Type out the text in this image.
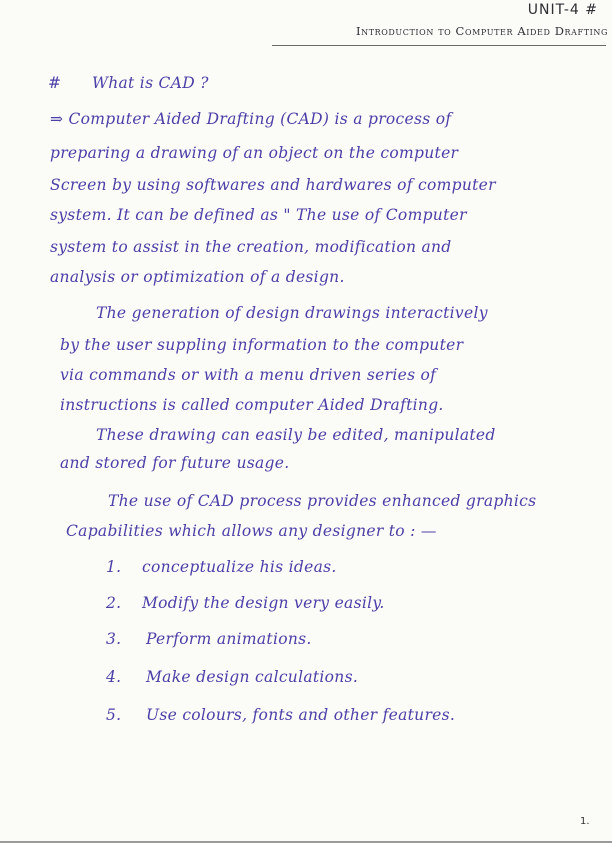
UNIT-4 #
Introduction to Computer Aided Drafting
# What is CAD ?
⇒ Computer Aided Drafting (CAD) is a process of
preparing a drawing of an object on the computer
Screen by using softwares and hardwares of computer
system. It can be defined as " The use of Computer
system to assist in the creation, modification and
analysis or optimization of a design.
The generation of design drawings interactively
by the user suppling information to the computer
via commands or with a menu driven series of
instructions is called computer Aided Drafting.
These drawing can easily be edited, manipulated
and stored for future usage.
The use of CAD process provides enhanced graphics
Capabilities which allows any designer to : —
1. conceptualize his ideas.
2. Modify the design very easily.
3. Perform animations.
4. Make design calculations.
5. Use colours, fonts and other features.
1.
